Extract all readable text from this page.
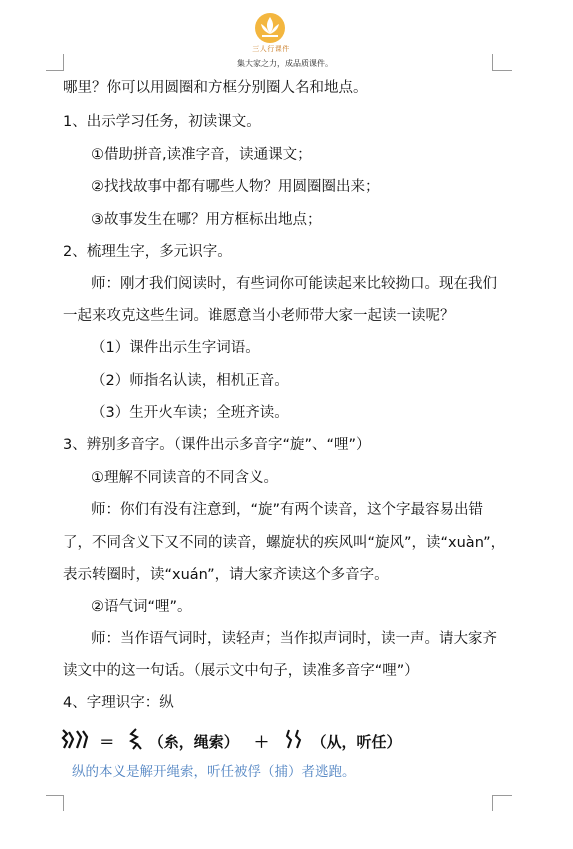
三人行课件
集大家之力，成品质课件。
哪里？你可以用圆圈和方框分别圈人名和地点。
1、出示学习任务，初读课文。
①借助拼音,读准字音，读通课文；
②找找故事中都有哪些人物？用圆圈圈出来；
③故事发生在哪？用方框标出地点；
2、梳理生字，多元识字。
师：刚才我们阅读时，有些词你可能读起来比较拗口。现在我们
一起来攻克这些生词。谁愿意当小老师带大家一起读一读呢？
（1）课件出示生字词语。
（2）师指名认读，相机正音。
（3）生开火车读；全班齐读。
3、辨别多音字。（课件出示多音字“旋”、“哩”）
①理解不同读音的不同含义。
师：你们有没有注意到，“旋”有两个读音，这个字最容易出错
了，不同含义下又不同的读音，螺旋状的疾风叫“旋风”，读“xuàn”，
表示转圈时，读“xuán”，请大家齐读这个多音字。
②语气词“哩”。
师：当作语气词时，读轻声；当作拟声词时，读一声。请大家齐
读文中的这一句话。（展示文中句子，读准多音字“哩”）
4、字理识字：纵
＝ （糸，绳索） ＋	（从，听任）
纵的本义是解开绳索，听任被俘（捕）者逃跑。
